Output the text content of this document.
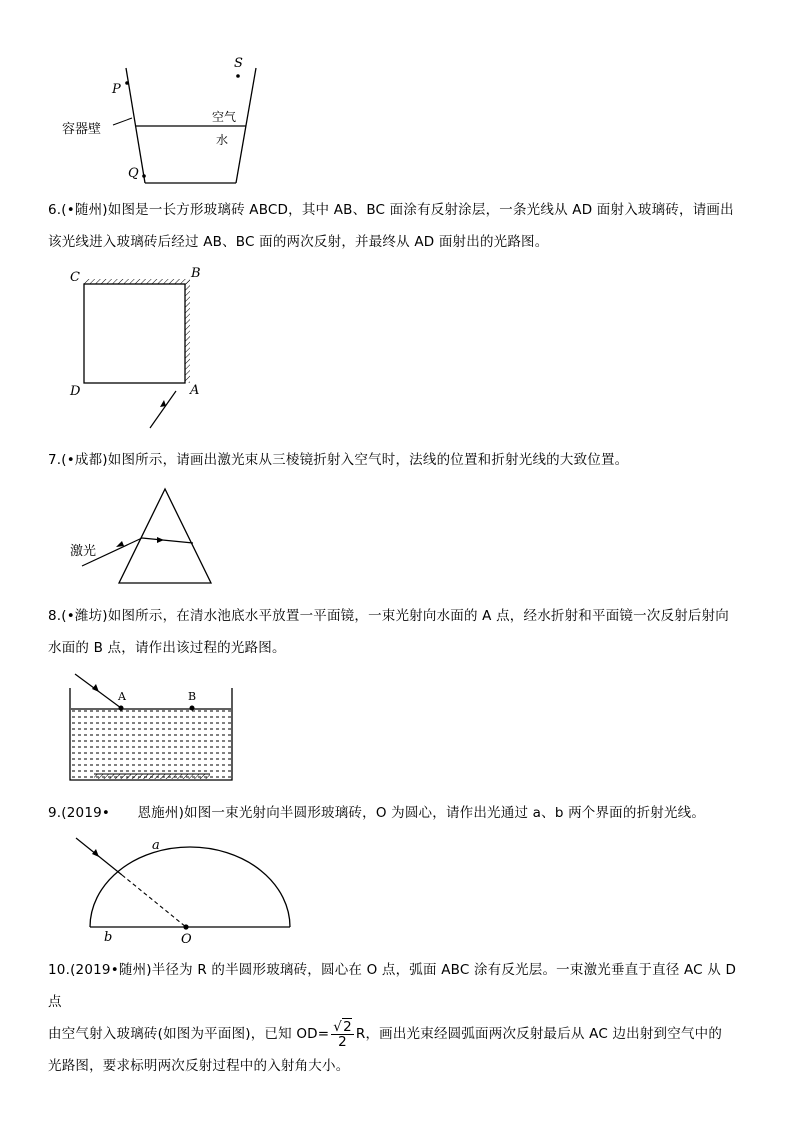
S
P
容器壁
空气
水
Q
6.(•随州)如图是一长方形玻璃砖 ABCD，其中 AB、BC 面涂有反射涂层，一条光线从 AD 面射入玻璃砖，请画出
该光线进入玻璃砖后经过 AB、BC 面的两次反射，并最终从 AD 面射出的光路图。
C	B
D	A
7.(•成都)如图所示，请画出激光束从三棱镜折射入空气时，法线的位置和折射光线的大致位置。
激光
8.(•潍坊)如图所示，在清水池底水平放置一平面镜，一束光射向水面的 A 点，经水折射和平面镜一次反射后射向
水面的 B 点，请作出该过程的光路图。
A	B
9.(2019•　　恩施州)如图一束光射向半圆形玻璃砖，O 为圆心，请作出光通过 a、b 两个界面的折射光线。
a
b	O
10.(2019•随州)半径为 R 的半圆形玻璃砖，圆心在 O 点，弧面 ABC 涂有反光层。一束激光垂直于直径 AC 从 D 点
由空气射入玻璃砖(如图为平面图)，已知 $OD= \frac{√2}{2}$ R，画出光束经圆弧面两次反射最后从 AC 边出射到空气中的
光路图，要求标明两次反射过程中的入射角大小。
